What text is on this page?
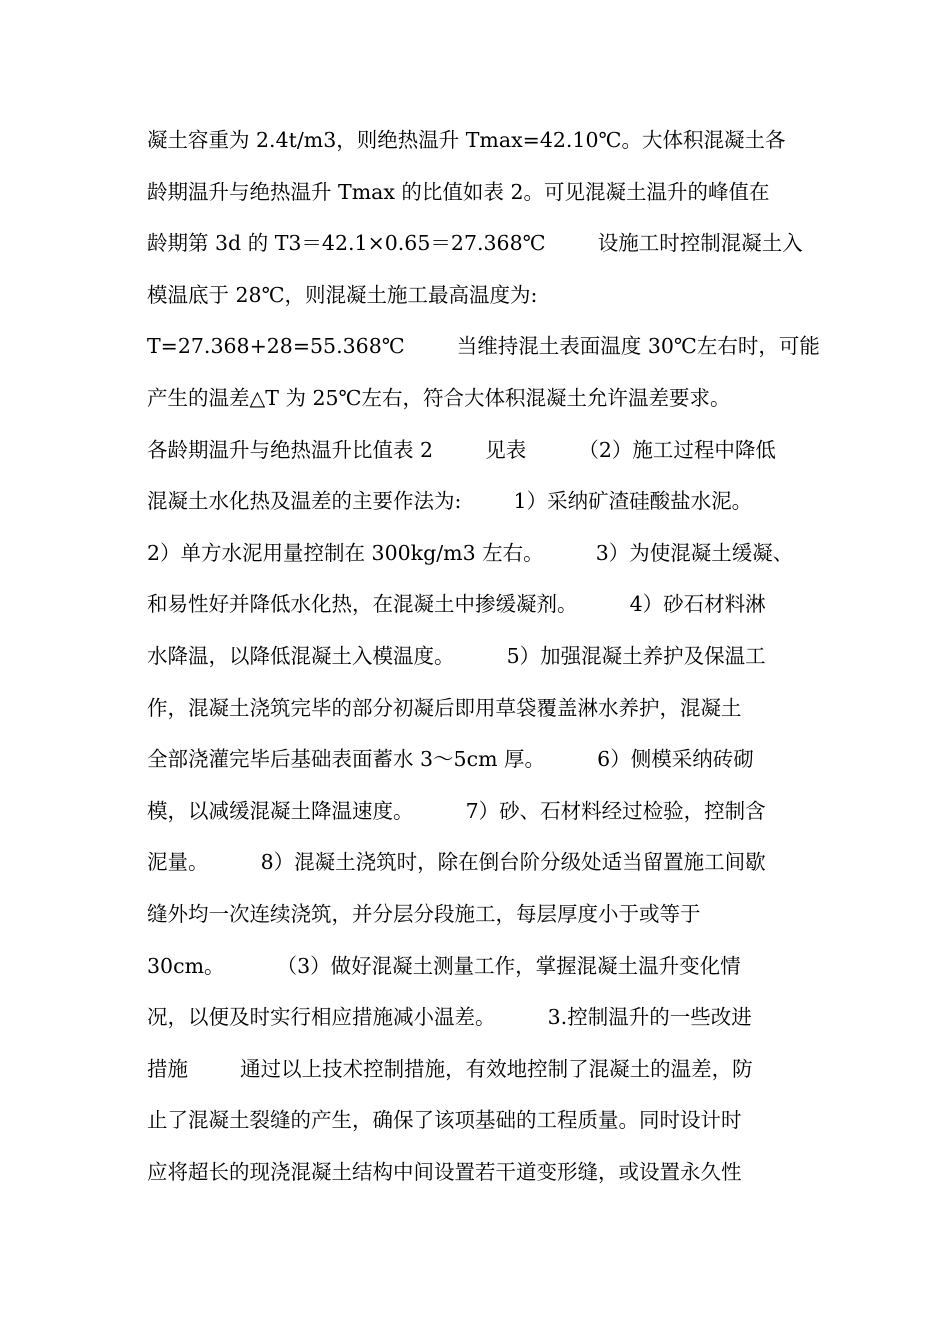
凝土容重为 2.4t/m3，则绝热温升 Tmax=42.10℃。大体积混凝土各
龄期温升与绝热温升 Tmax 的比值如表 2。可见混凝土温升的峰值在
龄期第 3d 的 T3＝42.1×0.65＝27.368℃        设施工时控制混凝土入
模温底于 28℃，则混凝土施工最高温度为:
T=27.368+28=55.368℃        当维持混土表面温度 30℃左右时，可能
产生的温差△T 为 25℃左右，符合大体积混凝土允许温差要求。
各龄期温升与绝热温升比值表 2        见表        （2）施工过程中降低
混凝土水化热及温差的主要作法为:        1）采纳矿渣硅酸盐水泥。
2）单方水泥用量控制在 300kg/m3 左右。        3）为使混凝土缓凝、
和易性好并降低水化热，在混凝土中掺缓凝剂。        4）砂石材料淋
水降温，以降低混凝土入模温度。        5）加强混凝土养护及保温工
作，混凝土浇筑完毕的部分初凝后即用草袋覆盖淋水养护，混凝土
全部浇灌完毕后基础表面蓄水 3～5cm 厚。        6）侧模采纳砖砌
模，以减缓混凝土降温速度。        7）砂、石材料经过检验，控制含
泥量。        8）混凝土浇筑时，除在倒台阶分级处适当留置施工间歇
缝外均一次连续浇筑，并分层分段施工，每层厚度小于或等于
30cm。        （3）做好混凝土测量工作，掌握混凝土温升变化情
况，以便及时实行相应措施减小温差。        3.控制温升的一些改进
措施        通过以上技术控制措施，有效地控制了混凝土的温差，防
止了混凝土裂缝的产生，确保了该项基础的工程质量。同时设计时
应将超长的现浇混凝土结构中间设置若干道变形缝，或设置永久性
